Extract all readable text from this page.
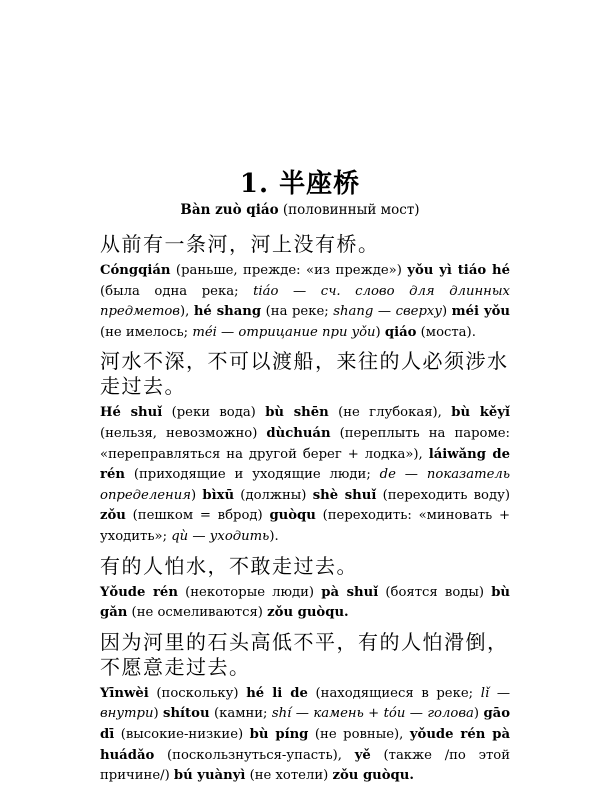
1. 半座桥
Bàn zuò qiáo (половинный мост)

从前有一条河，河上没有桥。

Cóngqián (раньше, прежде: «из прежде») yǒu yì tiáo hé (была одна река; tiáo — сч. слово для длинных предметов), hé shang (на реке; shang — сверху) méi yǒu (не имелось; méi — отрицание при yǒu) qiáo (моста).

河水不深，不可以渡船，来往的人必须涉水走过去。

Hé shuǐ (реки вода) bù shēn (не глубокая), bù kěyǐ (нельзя, невозможно) dùchuán (переплыть на пароме: «переправляться на другой берег + лодка»), láiwǎng de rén (приходящие и уходящие люди; de — показатель определения) bìxū (должны) shè shuǐ (переходить воду) zǒu (пешком = вброд) guòqu (переходить: «миновать + уходить»; qù — уходить).

有的人怕水，不敢走过去。

Yǒude rén (некоторые люди) pà shuǐ (боятся воды) bù gǎn (не осмеливаются) zǒu guòqu.

因为河里的石头高低不平，有的人怕滑倒，不愿意走过去。

Yīnwèi (поскольку) hé li de (находящиеся в реке; lǐ — внутри) shítou (камни; shí — камень + tóu — голова) gāo dī (высокие-низкие) bù píng (не ровные), yǒude rén pà huádǎo (поскользнуться-упасть), yě (также /по этой причине/) bú yuànyì (не хотели) zǒu guòqu.
